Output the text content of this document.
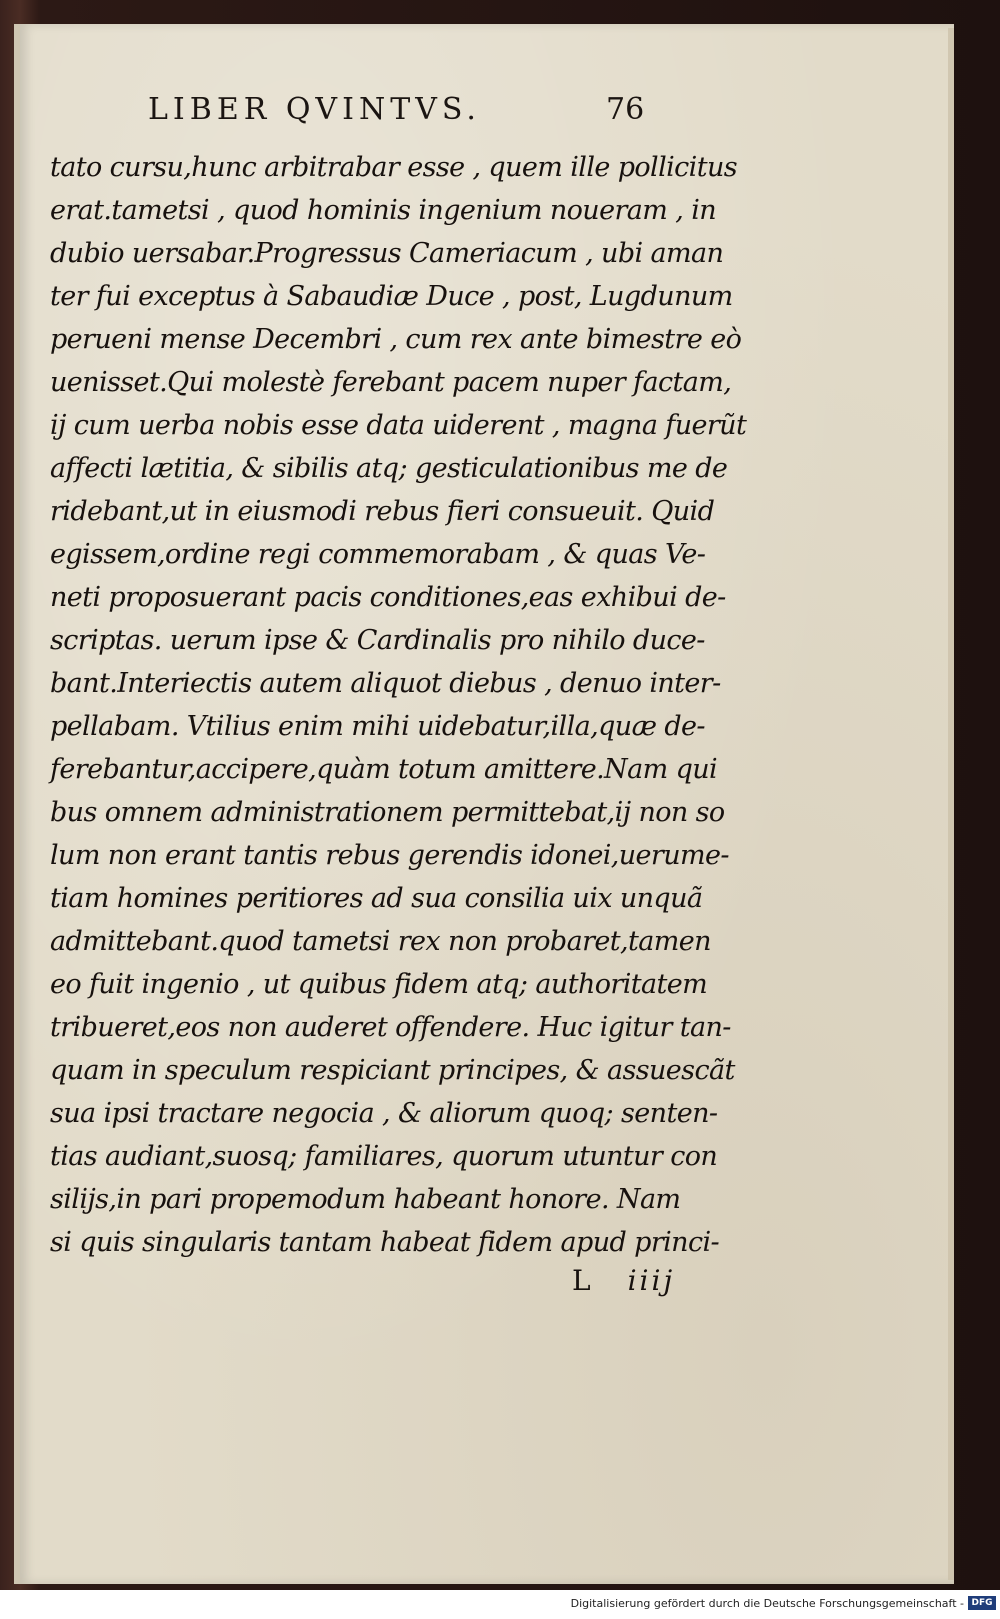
LIBER QVINTVS.	76
tato cursu,hunc arbitrabar esse , quem ille pollicitus
erat.tametsi , quod hominis ingenium noueram , in
dubio uersabar.Progressus Cameriacum , ubi aman
ter fui exceptus à Sabaudiæ Duce , post, Lugdunum
perueni mense Decembri , cum rex ante bimestre eò
uenisset.Qui molestè ferebant pacem nuper factam,
ij cum uerba nobis esse data uiderent , magna fuerũt
affecti lætitia, & sibilis atq; gesticulationibus me de
ridebant,ut in eiusmodi rebus fieri consueuit. Quid
egissem,ordine regi commemorabam , & quas Ve-
neti proposuerant pacis conditiones,eas exhibui de-
scriptas. uerum ipse & Cardinalis pro nihilo duce-
bant.Interiectis autem aliquot diebus , denuo inter-
pellabam. Vtilius enim mihi uidebatur,illa,quæ de-
ferebantur,accipere,quàm totum amittere.Nam qui
bus omnem administrationem permittebat,ij non so
lum non erant tantis rebus gerendis idonei,uerume-
tiam homines peritiores ad sua consilia uix unquã
admittebant.quod tametsi rex non probaret,tamen
eo fuit ingenio , ut quibus fidem atq; authoritatem
tribueret,eos non auderet offendere. Huc igitur tan-
quam in speculum respiciant principes, & assuescãt
sua ipsi tractare negocia , & aliorum quoq; senten-
tias audiant,suosq; familiares, quorum utuntur con
silijs,in pari propemodum habeant honore. Nam
si quis singularis tantam habeat fidem apud princi-
L iiij
Digitalisierung gefördert durch die Deutsche Forschungsgemeinschaft - DFG
